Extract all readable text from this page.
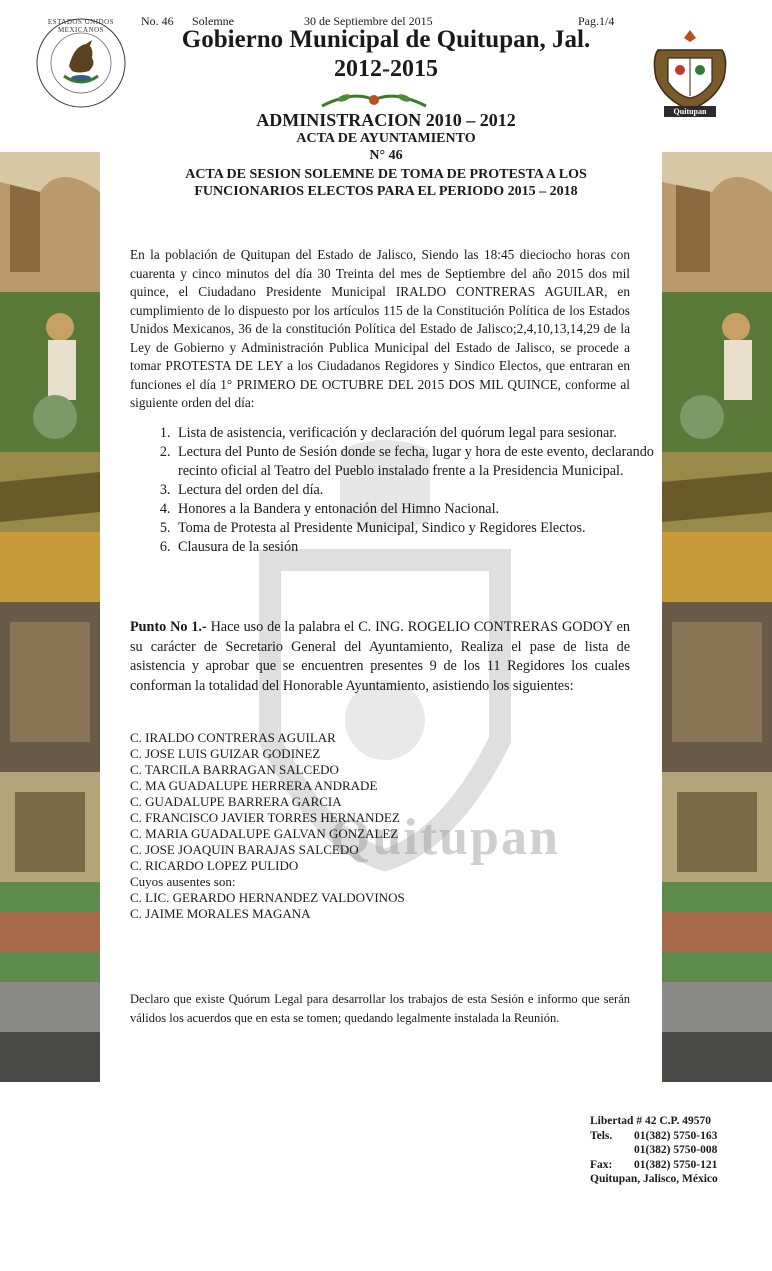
No. 46 Solemne	30 de Septiembre del 2015	Pag.1/4
ESTADOS UNIDOS MEXICANOS
Quitupan
Gobierno Municipal de Quitupan, Jal.
2012-2015
ADMINISTRACION 2010 – 2012
ACTA DE AYUNTAMIENTO
N° 46
ACTA DE SESION SOLEMNE DE TOMA DE PROTESTA A LOS FUNCIONARIOS ELECTOS PARA EL PERIODO 2015 – 2018
Quitupan
En la población de Quitupan del Estado de Jalisco, Siendo las 18:45 dieciocho horas con cuarenta y cinco minutos del día 30 Treinta del mes de Septiembre del año 2015 dos mil quince, el Ciudadano Presidente Municipal IRALDO CONTRERAS AGUILAR, en cumplimiento de lo dispuesto por los artículos 115 de la Constitución Política de los Estados Unidos Mexicanos, 36 de la constitución Política del Estado de Jalisco;2,4,10,13,14,29 de la Ley de Gobierno y Administración Publica Municipal del Estado de Jalisco, se procede a tomar PROTESTA DE LEY a los Ciudadanos Regidores y Sindico Electos, que entraran en funciones el día 1° PRIMERO DE OCTUBRE DEL 2015 DOS MIL QUINCE, conforme al siguiente orden del día:
1. Lista de asistencia, verificación y declaración del quórum legal para sesionar.
2. Lectura del Punto de Sesión donde se fecha, lugar y hora de este evento, declarando recinto oficial al Teatro del Pueblo instalado frente a la Presidencia Municipal.
3. Lectura del orden del día.
4. Honores a la Bandera y entonación del Himno Nacional.
5. Toma de Protesta al Presidente Municipal, Sindico y Regidores Electos.
6. Clausura de la sesión
Punto No 1.- Hace uso de la palabra el C. ING. ROGELIO CONTRERAS GODOY en su carácter de Secretario General del Ayuntamiento, Realiza el pase de lista de asistencia y aprobar que se encuentren presentes 9 de los 11 Regidores los cuales conforman la totalidad del Honorable Ayuntamiento, asistiendo los siguientes:
C. IRALDO CONTRERAS AGUILAR
C. JOSE LUIS GUIZAR GODINEZ
C. TARCILA BARRAGAN SALCEDO
C. MA GUADALUPE HERRERA ANDRADE
C. GUADALUPE BARRERA GARCIA
C. FRANCISCO JAVIER TORRES HERNANDEZ
C. MARIA GUADALUPE GALVAN GONZALEZ
C. JOSE JOAQUIN BARAJAS SALCEDO
C. RICARDO LOPEZ PULIDO
Cuyos ausentes son:
C. LIC. GERARDO HERNANDEZ VALDOVINOS
C. JAIME MORALES MAGANA
Declaro que existe Quórum Legal para desarrollar los trabajos de esta Sesión e informo que serán válidos los acuerdos que en esta se tomen; quedando legalmente instalada la Reunión.
Libertad # 42 C.P. 49570
Tels.	01(382) 5750-163
01(382) 5750-008
Fax:	01(382) 5750-121
Quitupan, Jalisco, México
